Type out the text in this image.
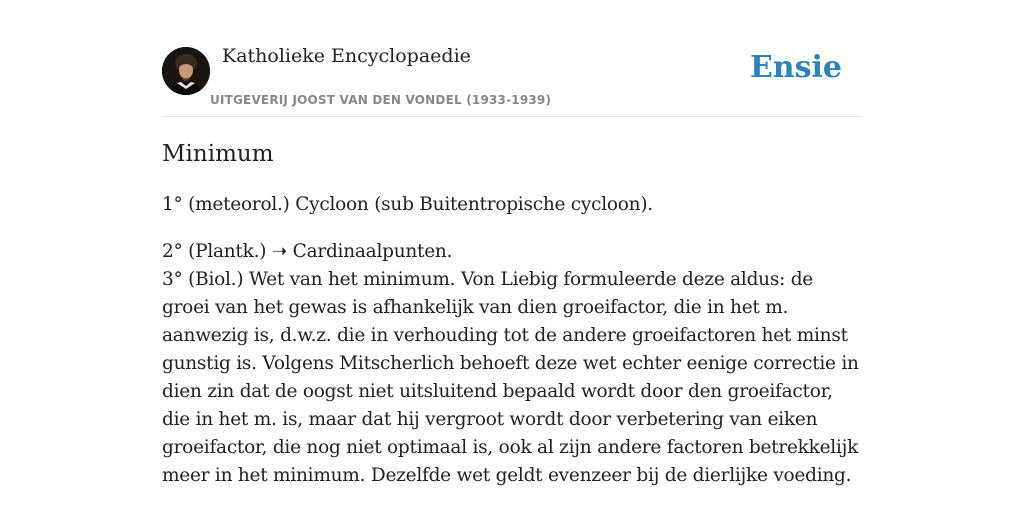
Katholieke Encyclopaedie
UITGEVERIJ JOOST VAN DEN VONDEL (1933-1939)
Ensie
Minimum

1° (meteorol.) Cycloon (sub Buitentropische cycloon).

2° (Plantk.) ➝ Cardinaalpunten.

3° (Biol.) Wet van het minimum. Von Liebig formuleerde deze aldus: de groei van het gewas is afhankelijk van dien groeifactor, die in het m. aanwezig is, d.w.z. die in verhouding tot de andere groeifactoren het minst gunstig is. Volgens Mitscherlich behoeft deze wet echter eenige correctie in dien zin dat de oogst niet uitsluitend bepaald wordt door den groeifactor, die in het m. is, maar dat hij vergroot wordt door verbetering van eiken groeifactor, die nog niet optimaal is, ook al zijn andere factoren betrekkelijk meer in het minimum. Dezelfde wet geldt evenzeer bij de dierlijke voeding.
